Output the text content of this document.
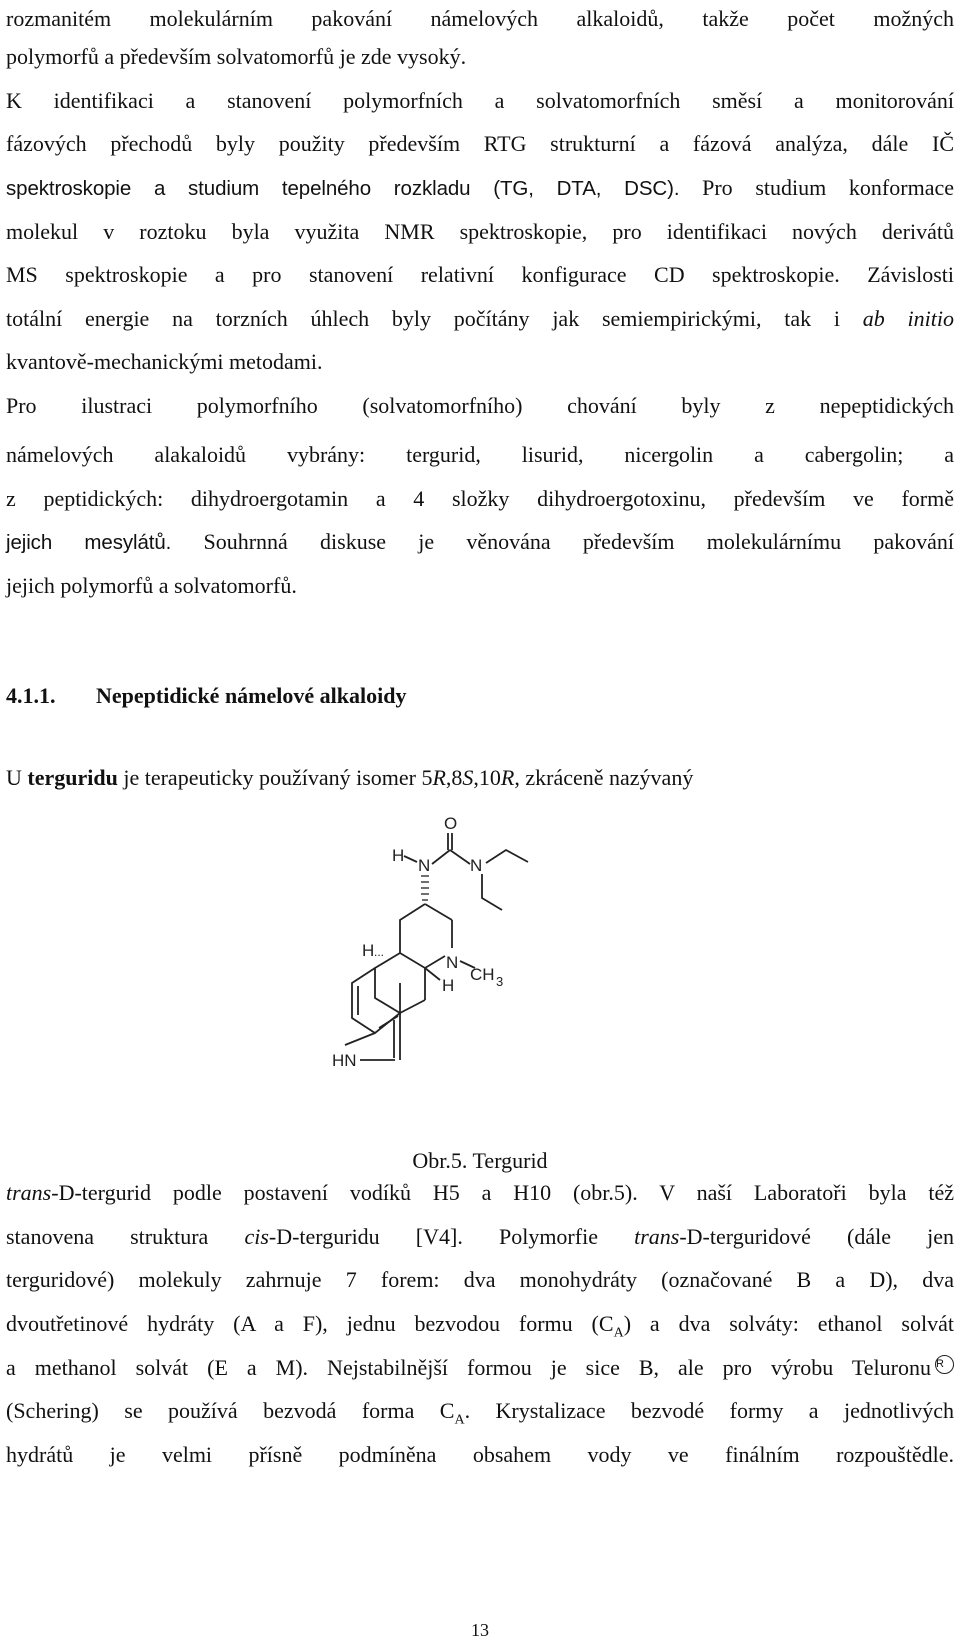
rozmanitém molekulárním pakování námelových alkaloidů, takže počet možných
polymorfů a především solvatomorfů je zde vysoký.
K identifikaci a stanovení polymorfních a solvatomorfních směsí a monitorování
fázových přechodů byly použity především RTG strukturní a fázová analýza, dále IČ
spektroskopie a studium tepelného rozkladu (TG, DTA, DSC). Pro studium konformace
molekul v roztoku byla využita NMR spektroskopie, pro identifikaci nových derivátů
MS spektroskopie a pro stanovení relativní konfigurace CD spektroskopie. Závislosti
totální energie na torzních úhlech byly počítány jak semiempirickými, tak i ab initio
kvantově-mechanickými metodami.
Pro ilustraci polymorfního (solvatomorfního) chování byly z nepeptidických
námelových alakaloidů vybrány: tergurid, lisurid, nicergolin a cabergolin; a
z peptidických: dihydroergotamin a 4 složky dihydroergotoxinu, především ve formě
jejich mesylátů. Souhrnná diskuse je věnována především molekulárnímu pakování
jejich polymorfů a solvatomorfů.
4.1.1. Nepeptidické námelové alkaloidy
U terguridu je terapeuticky používaný isomer 5R,8S,10R, zkráceně nazývaný
O
H
N N
N
CH 3
H ...
H
HN
Obr.5. Tergurid
trans-D-tergurid podle postavení vodíků H5 a H10 (obr.5). V naší Laboratoři byla též
stanovena struktura cis-D-terguridu [V4]. Polymorfie trans-D-terguridové (dále jen
terguridové) molekuly zahrnuje 7 forem: dva monohydráty (označované B a D), dva
dvoutřetinové hydráty (A a F), jednu bezvodou formu $(C_A)$ a dva solváty: ethanol solvát
a methanol solvát (E a M). Nejstabilnější formou je sice B, ale pro výrobu Teluronu R
(Schering) se používá bezvodá forma $C_A$. Krystalizace bezvodé formy a jednotlivých
hydrátů je velmi přísně podmíněna obsahem vody ve finálním rozpouštědle.
13
